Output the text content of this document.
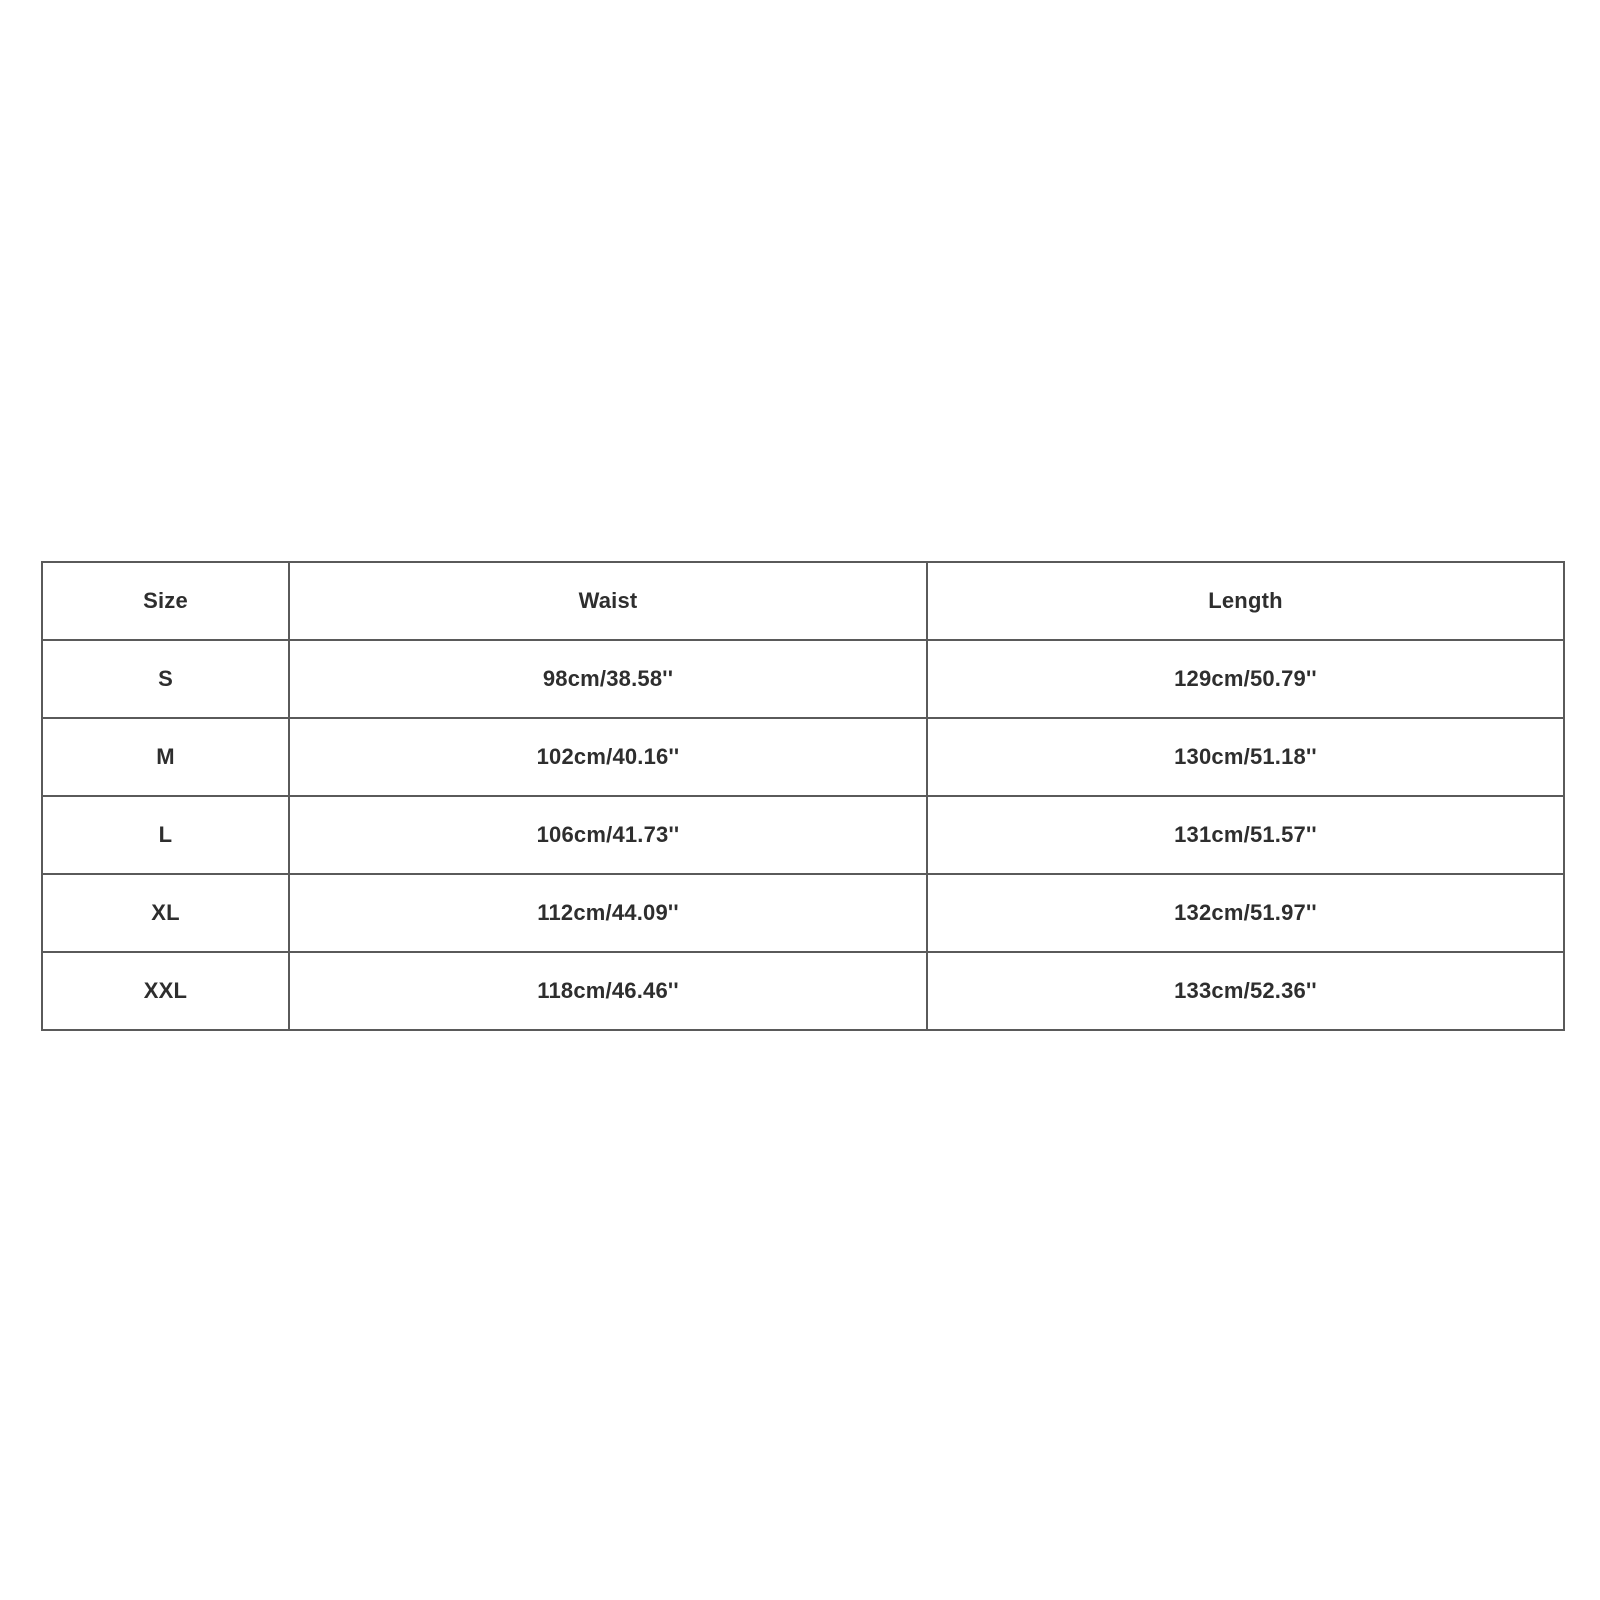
Size	Waist	Length
S	98cm/38.58''	129cm/50.79''
M	102cm/40.16''	130cm/51.18''
L	106cm/41.73''	131cm/51.57''
XL	112cm/44.09''	132cm/51.97''
XXL	118cm/46.46''	133cm/52.36''
